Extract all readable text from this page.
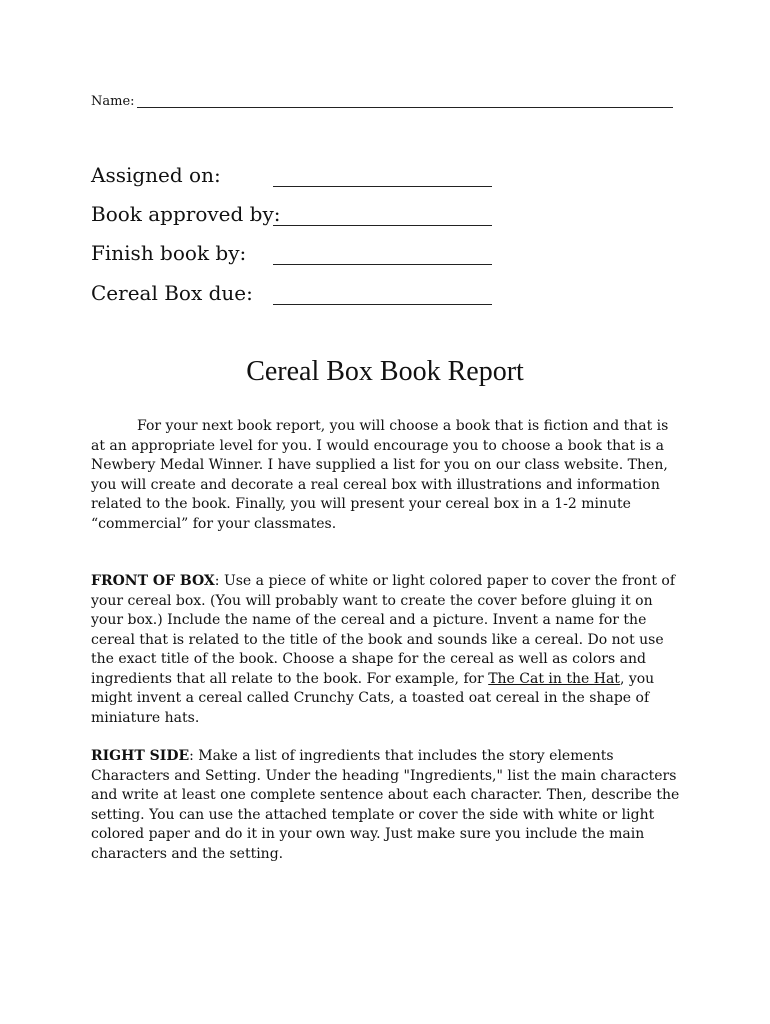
Name:
Assigned on:
Book approved by:
Finish book by:
Cereal Box due:
Cereal Box Book Report

For your next book report, you will choose a book that is fiction and that is at an appropriate level for you. I would encourage you to choose a book that is a Newbery Medal Winner. I have supplied a list for you on our class website. Then, you will create and decorate a real cereal box with illustrations and information related to the book. Finally, you will present your cereal box in a 1-2 minute “commercial” for your classmates.

FRONT OF BOX: Use a piece of white or light colored paper to cover the front of your cereal box. (You will probably want to create the cover before gluing it on your box.) Include the name of the cereal and a picture. Invent a name for the cereal that is related to the title of the book and sounds like a cereal. Do not use the exact title of the book. Choose a shape for the cereal as well as colors and ingredients that all relate to the book. For example, for The Cat in the Hat, you might invent a cereal called Crunchy Cats, a toasted oat cereal in the shape of miniature hats.

RIGHT SIDE: Make a list of ingredients that includes the story elements Characters and Setting. Under the heading "Ingredients," list the main characters and write at least one complete sentence about each character. Then, describe the setting. You can use the attached template or cover the side with white or light colored paper and do it in your own way. Just make sure you include the main characters and the setting.
